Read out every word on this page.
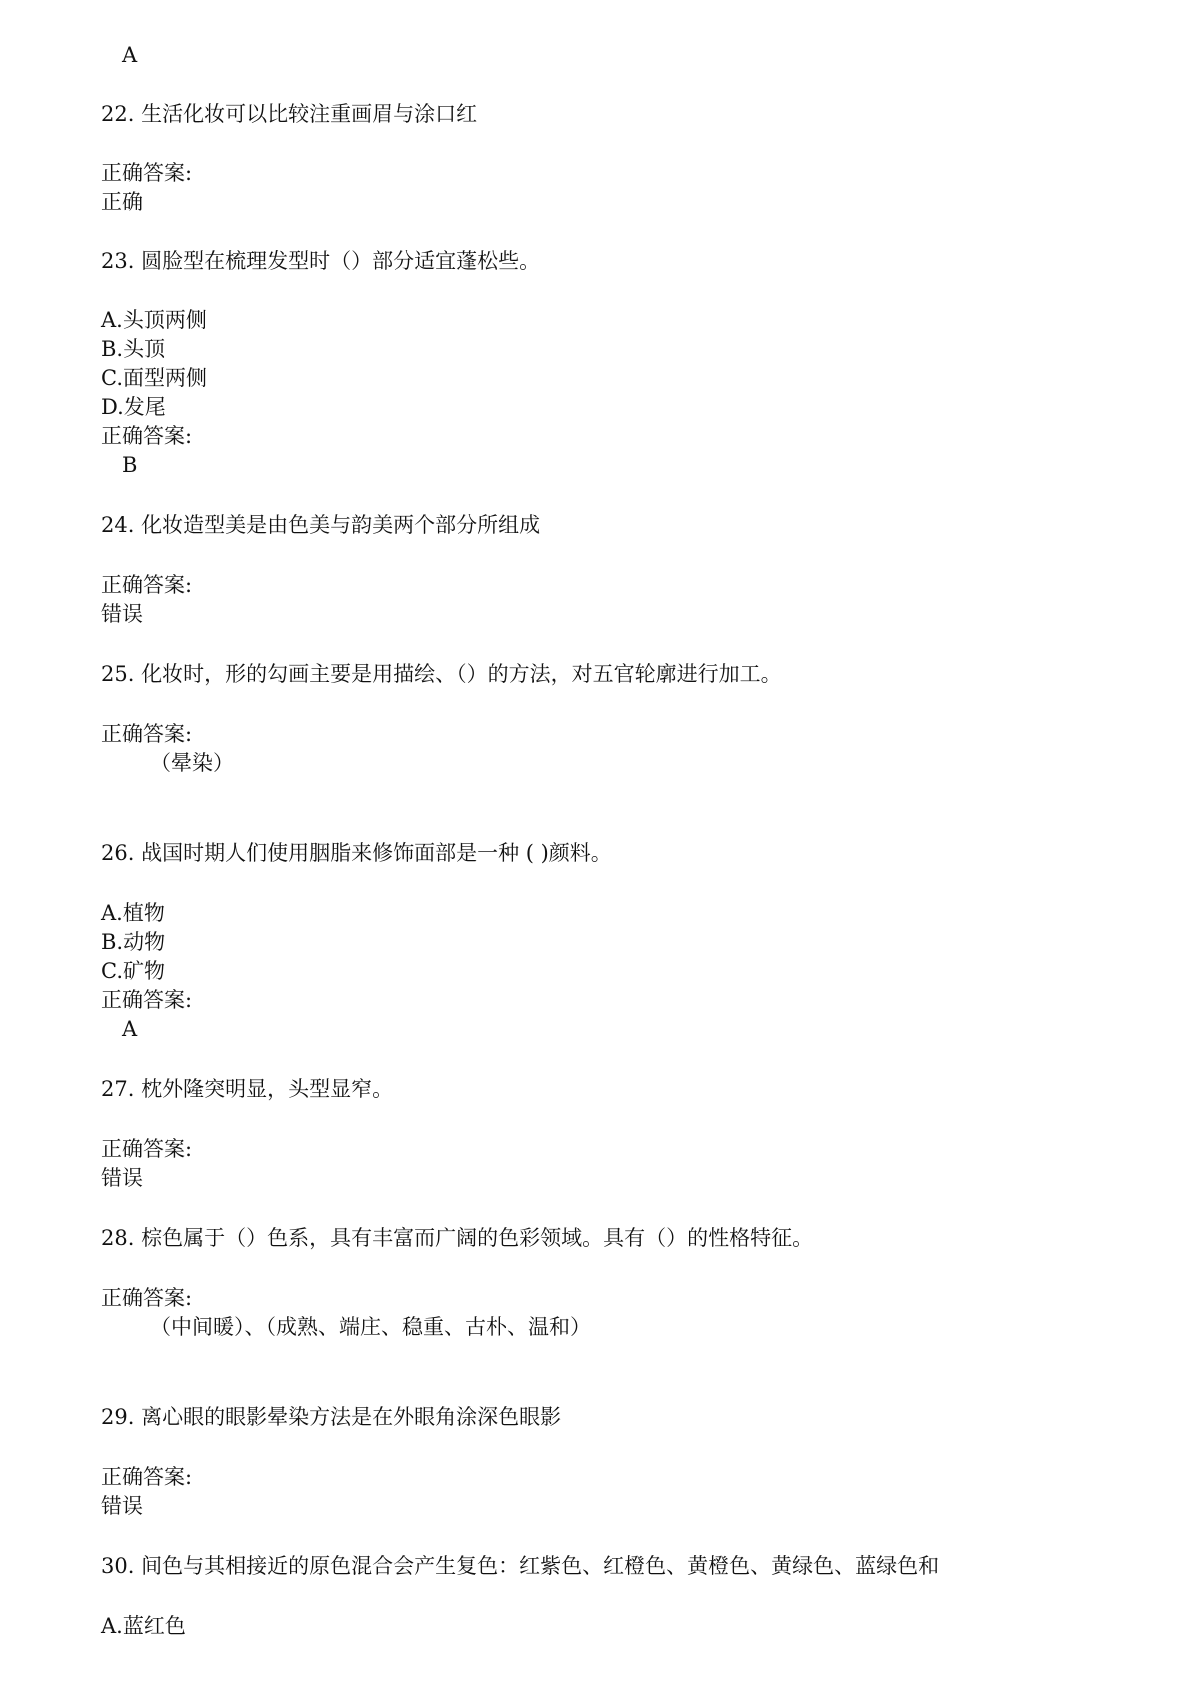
A
22. 生活化妆可以比较注重画眉与涂口红
正确答案:
正确
23. 圆脸型在梳理发型时（）部分适宜蓬松些。
A.头顶两侧
B.头顶
C.面型两侧
D.发尾
正确答案:
B
24. 化妆造型美是由色美与韵美两个部分所组成
正确答案:
错误
25. 化妆时，形的勾画主要是用描绘、（）的方法，对五官轮廓进行加工。
正确答案:
（晕染）
26. 战国时期人们使用胭脂来修饰面部是一种 ( )颜料。
A.植物
B.动物
C.矿物
正确答案:
A
27. 枕外隆突明显，头型显窄。
正确答案:
错误
28. 棕色属于（）色系，具有丰富而广阔的色彩领域。具有（）的性格特征。
正确答案:
（中间暖）、（成熟、端庄、稳重、古朴、温和）
29. 离心眼的眼影晕染方法是在外眼角涂深色眼影
正确答案:
错误
30. 间色与其相接近的原色混合会产生复色：红紫色、红橙色、黄橙色、黄绿色、蓝绿色和
A.蓝红色
